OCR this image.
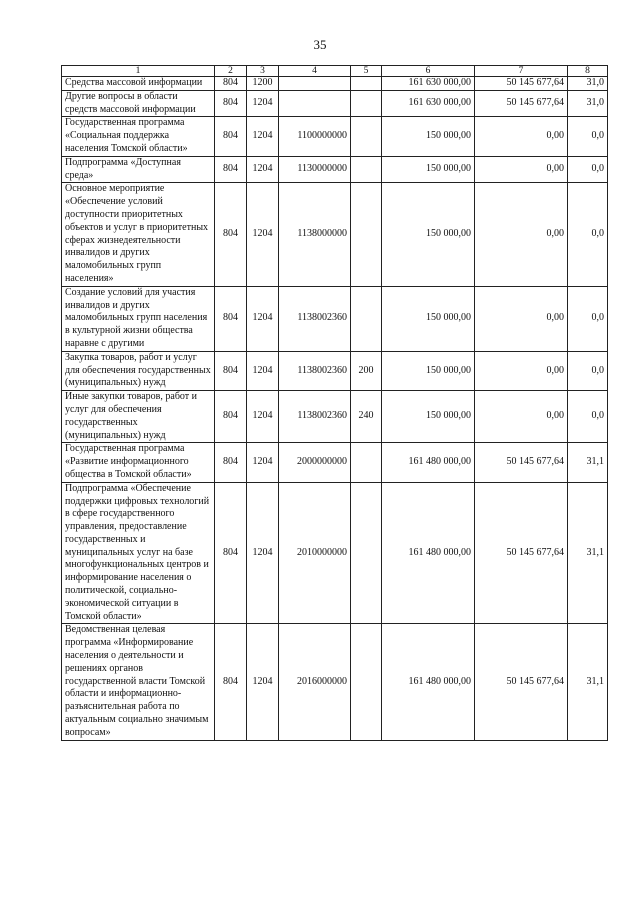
35
1	2	3	4	5	6	7	8
Средства массовой информации	804	1200			161 630 000,00	50 145 677,64	31,0
Другие вопросы в области средств массовой информации	804	1204			161 630 000,00	50 145 677,64	31,0
Государственная программа «Социальная поддержка населения Томской области»	804	1204	1100000000		150 000,00	0,00	0,0
Подпрограмма «Доступная среда»	804	1204	1130000000		150 000,00	0,00	0,0
Основное мероприятие «Обеспечение условий доступности приоритетных объектов и услуг в приоритетных сферах жизнедеятельности инвалидов и других маломобильных групп населения»	804	1204	1138000000		150 000,00	0,00	0,0
Создание условий для участия инвалидов и других маломобильных групп населения в культурной жизни общества наравне с другими	804	1204	1138002360		150 000,00	0,00	0,0
Закупка товаров, работ и услуг для обеспечения государственных (муниципальных) нужд	804	1204	1138002360	200	150 000,00	0,00	0,0
Иные закупки товаров, работ и услуг для обеспечения государственных (муниципальных) нужд	804	1204	1138002360	240	150 000,00	0,00	0,0
Государственная программа «Развитие информационного общества в Томской области»	804	1204	2000000000		161 480 000,00	50 145 677,64	31,1
Подпрограмма «Обеспечение поддержки цифровых технологий в сфере государственного управления, предоставление государственных и муниципальных услуг на базе многофункциональных центров и информирование населения о политической, социально-экономической ситуации в Томской области»	804	1204	2010000000		161 480 000,00	50 145 677,64	31,1
Ведомственная целевая программа «Информирование населения о деятельности и решениях органов государственной власти Томской области и информационно-разъяснительная работа по актуальным социально значимым вопросам»	804	1204	2016000000		161 480 000,00	50 145 677,64	31,1
